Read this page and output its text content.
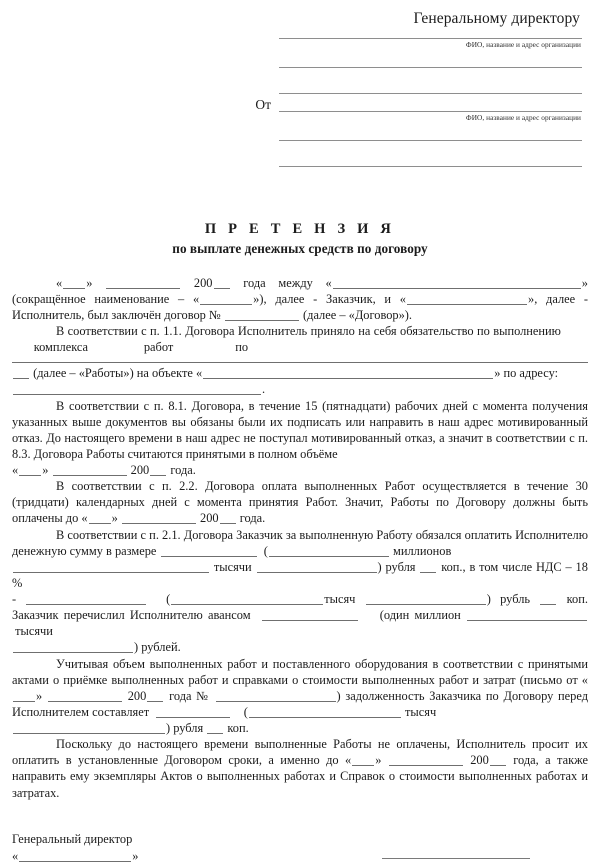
Генеральному директору
ФИО, название и адрес организации
От
ФИО, название и адрес организации
П Р Е Т Е Н З И Я
по выплате денежных средств по договору

« »	200 года между «	» (сокращённое наименование – «	»), далее - Заказчик, и «	», далее - Исполнитель, был заключён договор №	(далее – «Договор»).

В соответствии с п. 1.1. Договора Исполнитель приняло на себя обязательство по выполнению                комплекса	работ	по

(далее – «Работы») на объекте «	» по адресу:

.

В соответствии с п. 8.1. Договора, в течение 15 (пятнадцати) рабочих дней с момента получения указанных выше документов вы обязаны были их подписать или направить в наш адрес мотивированный отказ. До настоящего времени в наш адрес не поступал мотивированный отказ, а значит в соответствии с п. 8.3. Договора Работы считаются принятыми в полном объёме

« »	200 года.

В соответствии с п. 2.2. Договора оплата выполненных Работ осуществляется в течение 30 (тридцати) календарных дней с момента принятия Работ. Значит, Работы по Договору должны быть оплачены до « »	200 года.

В соответствии с п. 2.1. Договора Заказчик за выполненную Работу обязался оплатить Исполнителю денежную сумму в размере	(	миллионов

тысячи	) рубля коп., в том числе НДС – 18 %

-	(	тысяч	) рубль	коп. Заказчик перечислил Исполнителю авансом	(один миллион   тысячи

) рублей.

Учитывая объем выполненных работ и поставленного оборудования в соответствии с принятыми актами о приёмке выполненных работ и справками о стоимости выполненных работ и затрат (письмо от «»	200 года №	) задолженность Заказчика по Договору перед Исполнителем составляет	(	тысяч

) рубля коп.

Поскольку до настоящего времени выполненные Работы не оплачены, Исполнитель просит их оплатить в установленные Договором сроки, а именно до « »	200 года, а также направить ему экземпляры Актов о выполненных работах и Справок о стоимости выполненных работах и затратах.

Генеральный директор
«	»
